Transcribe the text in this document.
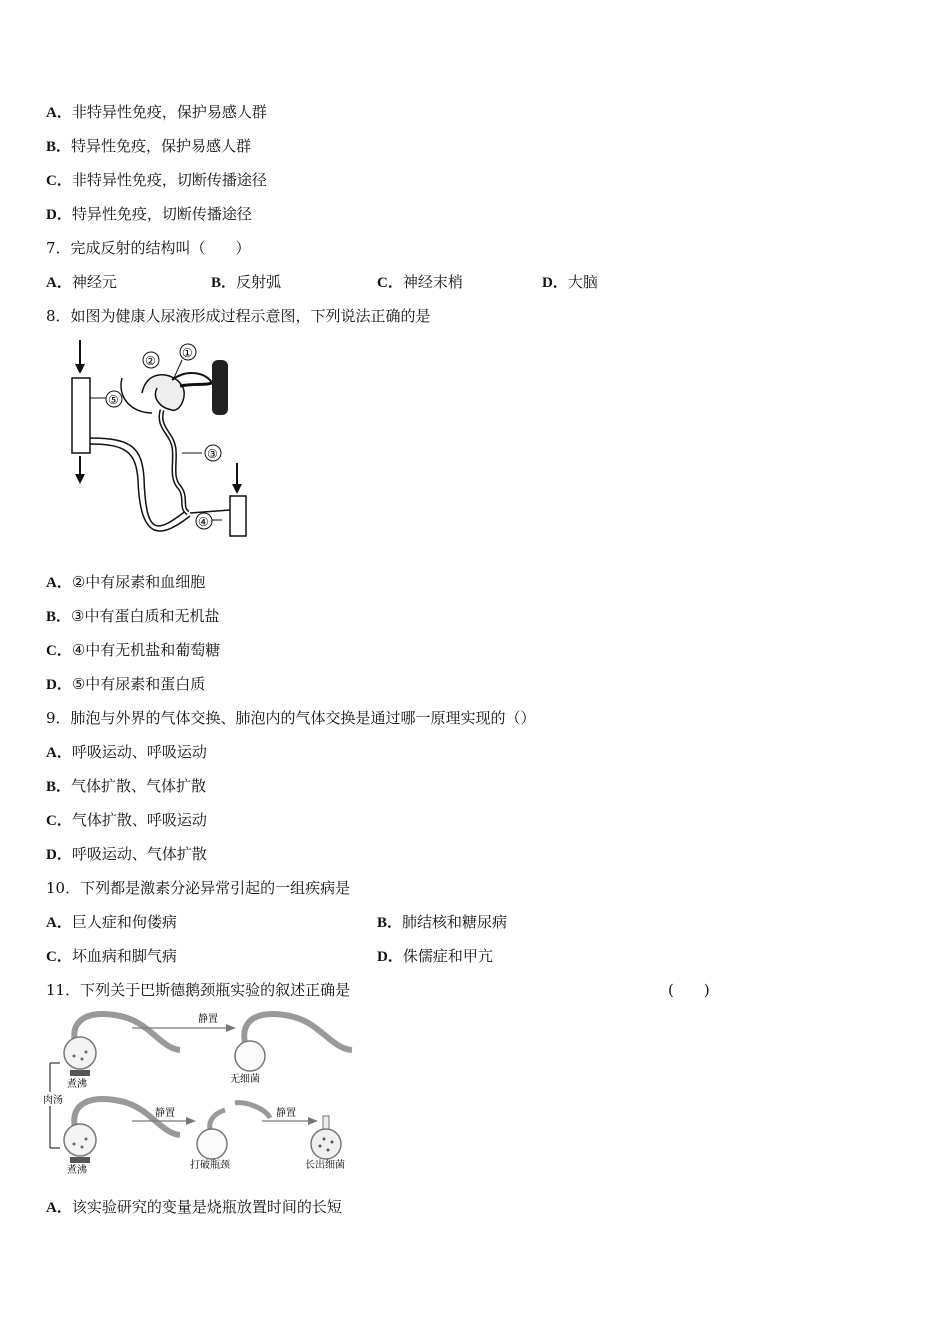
A．非特异性免疫，保护易感人群
B．特异性免疫，保护易感人群
C．非特异性免疫，切断传播途径
D．特异性免疫，切断传播途径
7．完成反射的结构叫（　　）
A．神经元	B．反射弧	C．神经末梢	D．大脑
8．如图为健康人尿液形成过程示意图，下列说法正确的是
⑤
②
①
③
④
A．②中有尿素和血细胞
B．③中有蛋白质和无机盐
C．④中有无机盐和葡萄糖
D．⑤中有尿素和蛋白质
9．肺泡与外界的气体交换、肺泡内的气体交换是通过哪一原理实现的（）
A．呼吸运动、呼吸运动
B．气体扩散、气体扩散
C．气体扩散、呼吸运动
D．呼吸运动、气体扩散
10．下列都是激素分泌异常引起的一组疾病是
A．巨人症和佝偻病	B．肺结核和糖尿病
C．坏血病和脚气病	D．侏儒症和甲亢
11．下列关于巴斯德鹅颈瓶实验的叙述正确是	(　　)
煮沸
静置
无细菌
肉汤
煮沸
静置
打破瓶颈
静置
长出细菌
A．该实验研究的变量是烧瓶放置时间的长短
